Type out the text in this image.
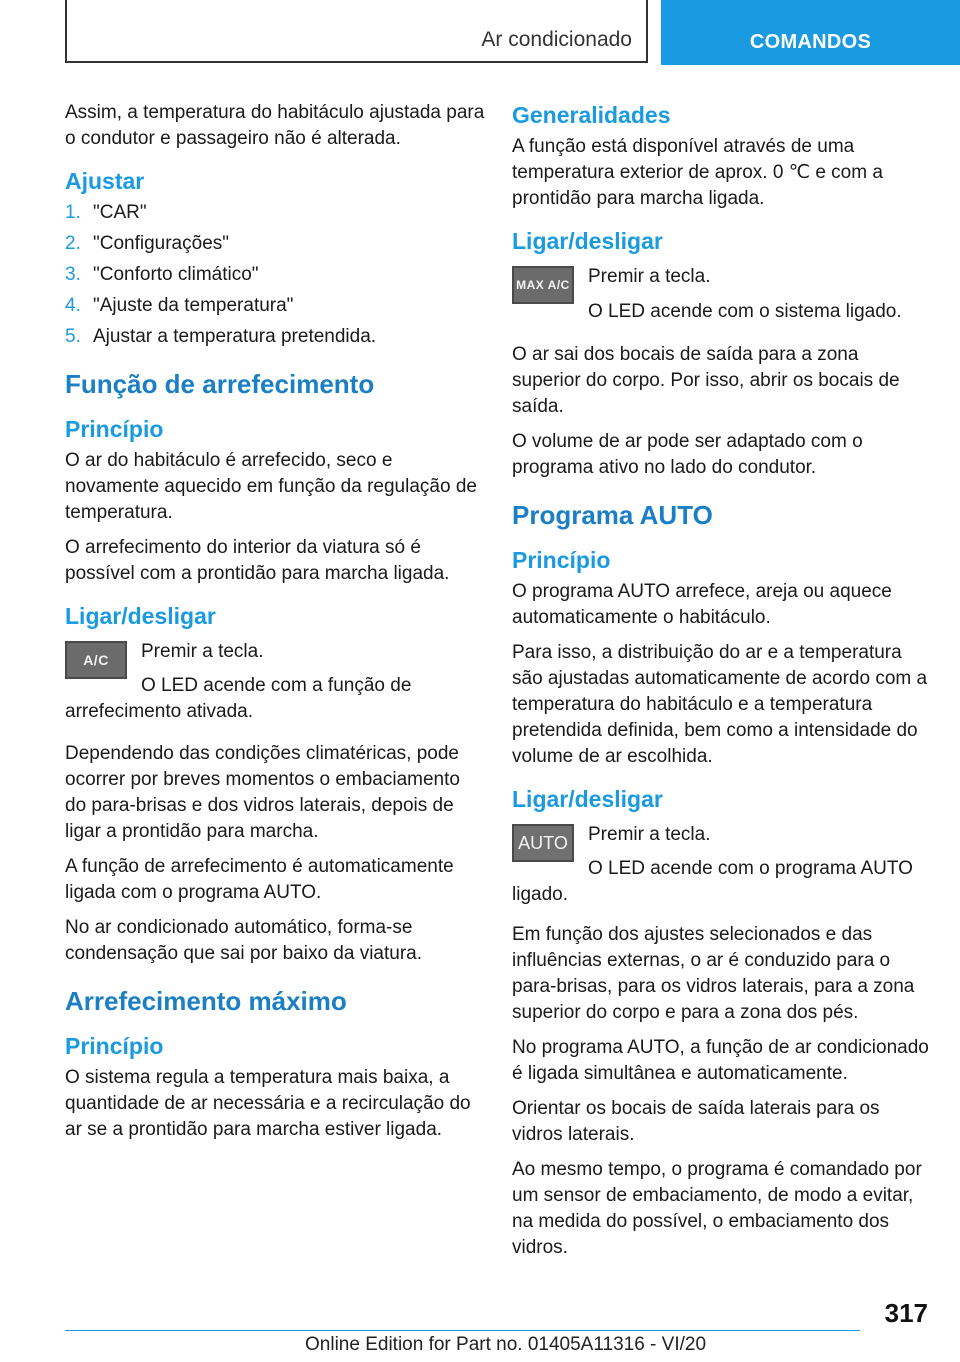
Ar condicionado	COMANDOS

Assim, a temperatura do habitáculo ajustada para o condutor e passageiro não é alterada.

Ajustar
1. "CAR"
2. "Configurações"
3. "Conforto climático"
4. "Ajuste da temperatura"
5. Ajustar a temperatura pretendida.
Função de arrefecimento
Princípio

O ar do habitáculo é arrefecido, seco e novamente aquecido em função da regulação de temperatura.

O arrefecimento do interior da viatura só é possível com a prontidão para marcha ligada.

Ligar/desligar
A/C	Premir a tecla.

O LED acende com a função de arrefecimento ativada.

Dependendo das condições climatéricas, pode ocorrer por breves momentos o embaciamento do para-brisas e dos vidros laterais, depois de ligar a prontidão para marcha.

A função de arrefecimento é automaticamente ligada com o programa AUTO.

No ar condicionado automático, forma-se condensação que sai por baixo da viatura.

Arrefecimento máximo
Princípio

O sistema regula a temperatura mais baixa, a quantidade de ar necessária e a recirculação do ar se a prontidão para marcha estiver ligada.

Generalidades

A função está disponível através de uma temperatura exterior de aprox. 0 ℃ e com a prontidão para marcha ligada.

Ligar/desligar
MAX A/C Premir a tecla.

O LED acende com o sistema ligado.

O ar sai dos bocais de saída para a zona superior do corpo. Por isso, abrir os bocais de saída.

O volume de ar pode ser adaptado com o programa ativo no lado do condutor.

Programa AUTO
Princípio

O programa AUTO arrefece, areja ou aquece automaticamente o habitáculo.

Para isso, a distribuição do ar e a temperatura são ajustadas automaticamente de acordo com a temperatura do habitáculo e a temperatura pretendida definida, bem como a intensidade do volume de ar escolhida.

Ligar/desligar
AUTO	Premir a tecla.

O LED acende com o programa AUTO ligado.

Em função dos ajustes selecionados e das influências externas, o ar é conduzido para o para-brisas, para os vidros laterais, para a zona superior do corpo e para a zona dos pés.

No programa AUTO, a função de ar condicionado é ligada simultânea e automaticamente.

Orientar os bocais de saída laterais para os vidros laterais.

Ao mesmo tempo, o programa é comandado por um sensor de embaciamento, de modo a evitar, na medida do possível, o embaciamento dos vidros.

317
Online Edition for Part no. 01405A11316 - VI/20
